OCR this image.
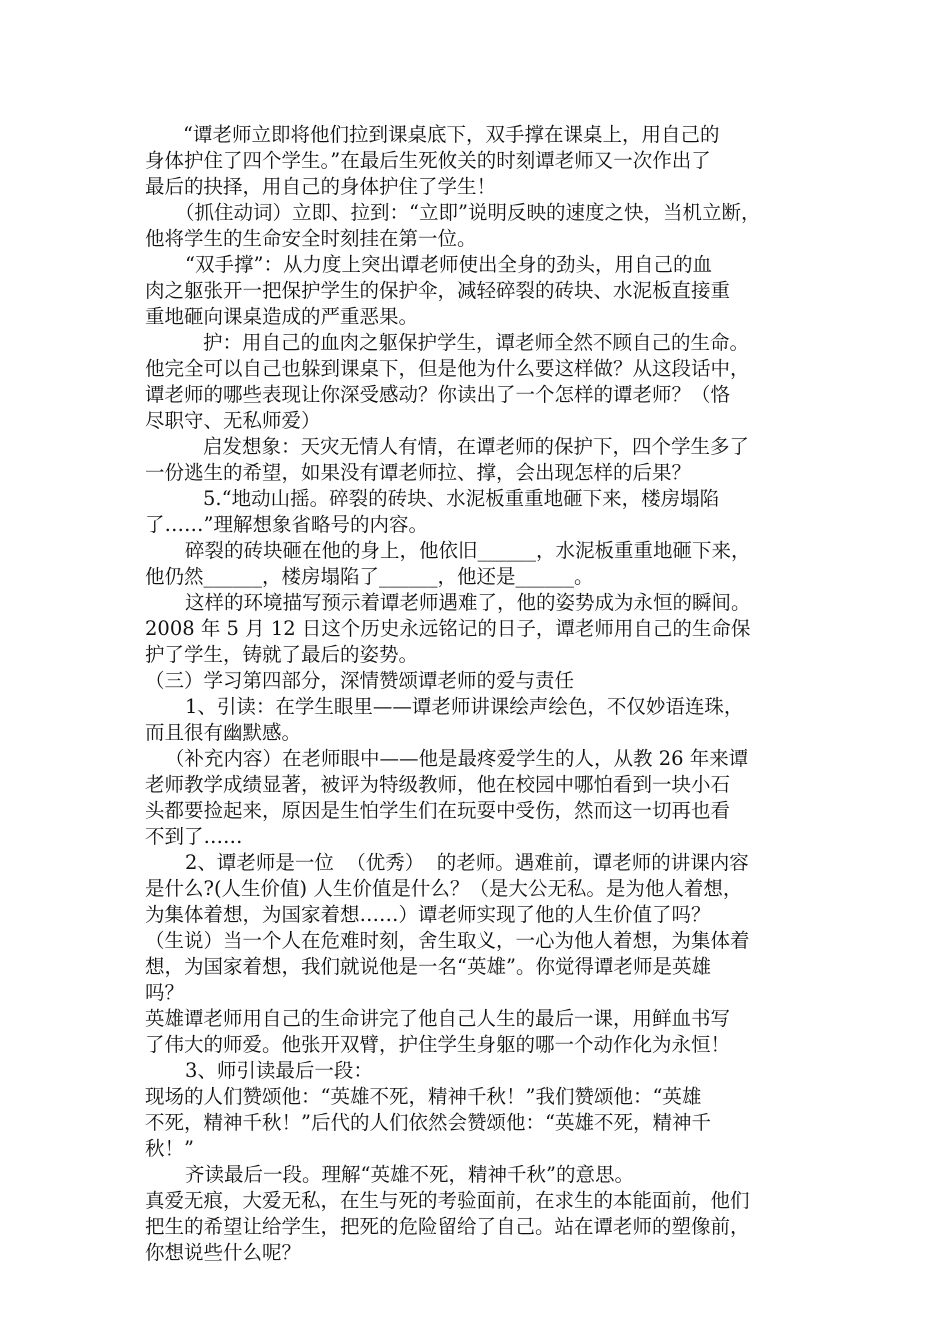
“谭老师立即将他们拉到课桌底下，双手撑在课桌上，用自己的
身体护住了四个学生。”在最后生死攸关的时刻谭老师又一次作出了
最后的抉择，用自己的身体护住了学生！
（抓住动词）立即、拉到：“立即”说明反映的速度之快，当机立断，
他将学生的生命安全时刻挂在第一位。
“双手撑”：从力度上突出谭老师使出全身的劲头，用自己的血
肉之躯张开一把保护学生的保护伞，减轻碎裂的砖块、水泥板直接重
重地砸向课桌造成的严重恶果。
护：用自己的血肉之躯保护学生，谭老师全然不顾自己的生命。
他完全可以自己也躲到课桌下，但是他为什么要这样做？从这段话中，
谭老师的哪些表现让你深受感动？你读出了一个怎样的谭老师？（恪
尽职守、无私师爱）
启发想象：天灾无情人有情，在谭老师的保护下，四个学生多了
一份逃生的希望，如果没有谭老师拉、撑，会出现怎样的后果？
5.“地动山摇。碎裂的砖块、水泥板重重地砸下来，楼房塌陷
了……”理解想象省略号的内容。
碎裂的砖块砸在他的身上，他依旧______，水泥板重重地砸下来，
他仍然______，楼房塌陷了______，他还是______。
这样的环境描写预示着谭老师遇难了，他的姿势成为永恒的瞬间。
2008 年 5 月 12 日这个历史永远铭记的日子，谭老师用自己的生命保
护了学生，铸就了最后的姿势。
（三）学习第四部分，深情赞颂谭老师的爱与责任
1、引读：在学生眼里——谭老师讲课绘声绘色，不仅妙语连珠，
而且很有幽默感。
（补充内容）在老师眼中——他是最疼爱学生的人，从教 26 年来谭
老师教学成绩显著，被评为特级教师，他在校园中哪怕看到一块小石
头都要捡起来，原因是生怕学生们在玩耍中受伤，然而这一切再也看
不到了……
2、谭老师是一位  （优秀）  的老师。遇难前，谭老师的讲课内容
是什么?(人生价值) 人生价值是什么？（是大公无私。是为他人着想，
为集体着想，为国家着想……）谭老师实现了他的人生价值了吗？
（生说）当一个人在危难时刻，舍生取义，一心为他人着想，为集体着
想，为国家着想，我们就说他是一名“英雄”。你觉得谭老师是英雄
吗？
英雄谭老师用自己的生命讲完了他自己人生的最后一课，用鲜血书写
了伟大的师爱。他张开双臂，护住学生身躯的哪一个动作化为永恒！
3、师引读最后一段：
现场的人们赞颂他：“英雄不死，精神千秋！”我们赞颂他：“英雄
不死，精神千秋！”后代的人们依然会赞颂他：“英雄不死，精神千
秋！”
齐读最后一段。理解“英雄不死，精神千秋”的意思。
真爱无痕，大爱无私，在生与死的考验面前，在求生的本能面前，他们
把生的希望让给学生，把死的危险留给了自己。站在谭老师的塑像前，
你想说些什么呢？
